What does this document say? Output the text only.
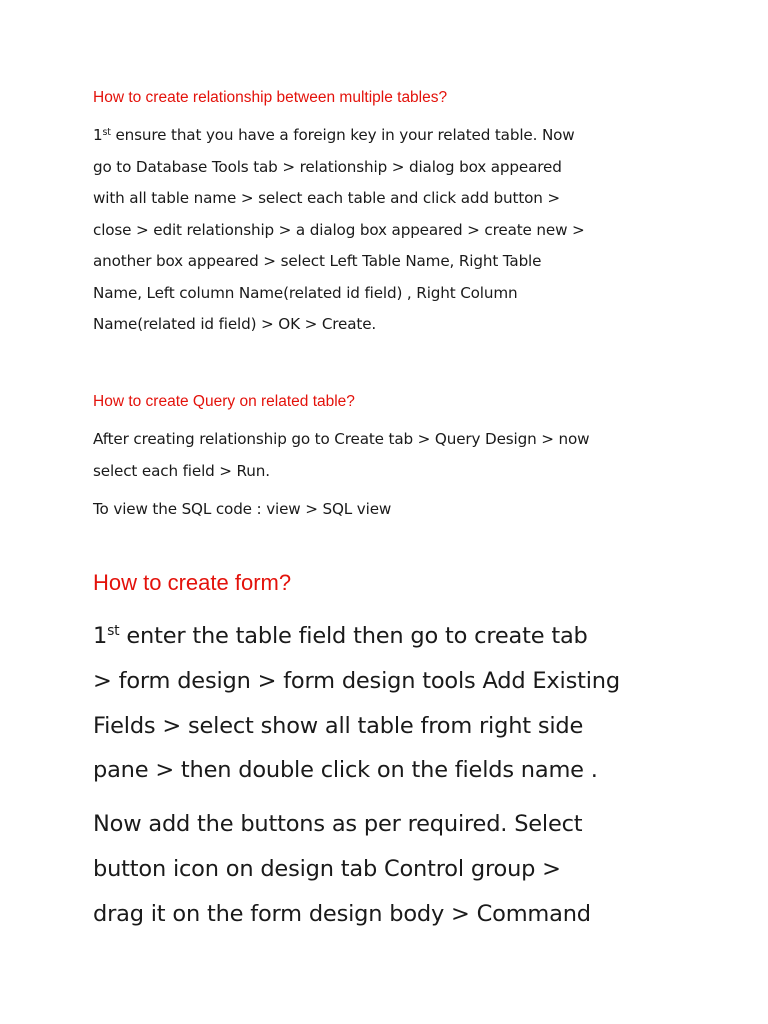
How to create relationship between multiple tables?
1st ensure that you have a foreign key in your related table. Now
go to Database Tools tab > relationship > dialog box appeared
with all table name > select each table and click add button >
close > edit relationship > a dialog box appeared > create new >
another box appeared > select Left Table Name, Right Table
Name, Left column Name(related id field) , Right Column
Name(related id field) > OK > Create.
How to create Query on related table?
After creating relationship go to Create tab > Query Design > now
select each field > Run.
To view the SQL code : view > SQL view
How to create form?
1st enter the table field then go to create tab
> form design > form design tools Add Existing
Fields > select show all table from right side
pane > then double click on the fields name .
Now add the buttons as per required. Select
button icon on design tab Control group >
drag it on the form design body > Command
